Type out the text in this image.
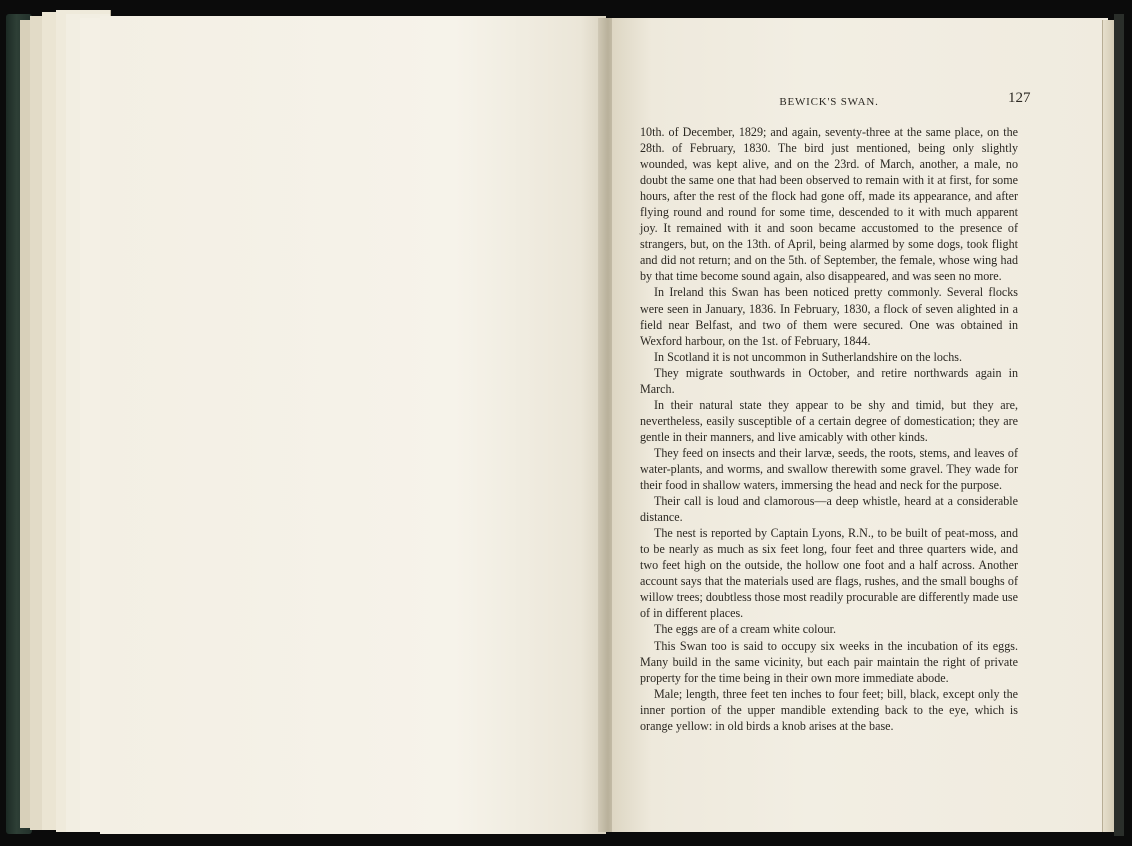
BEWICK'S SWAN.	127

10th. of December, 1829; and again, seventy-three at the same place, on the 28th. of February, 1830. The bird just mentioned, being only slightly wounded, was kept alive, and on the 23rd. of March, another, a male, no doubt the same one that had been observed to remain with it at first, for some hours, after the rest of the flock had gone off, made its appearance, and after flying round and round for some time, descended to it with much apparent joy. It remained with it and soon became accustomed to the presence of strangers, but, on the 13th. of April, being alarmed by some dogs, took flight and did not return; and on the 5th. of September, the female, whose wing had by that time become sound again, also disappeared, and was seen no more.

In Ireland this Swan has been noticed pretty commonly. Several flocks were seen in January, 1836. In February, 1830, a flock of seven alighted in a field near Belfast, and two of them were secured. One was obtained in Wexford harbour, on the 1st. of February, 1844.

In Scotland it is not uncommon in Sutherlandshire on the lochs.

They migrate southwards in October, and retire northwards again in March.

In their natural state they appear to be shy and timid, but they are, nevertheless, easily susceptible of a certain degree of domestication; they are gentle in their manners, and live amicably with other kinds.

They feed on insects and their larvæ, seeds, the roots, stems, and leaves of water-plants, and worms, and swallow therewith some gravel. They wade for their food in shallow waters, immersing the head and neck for the purpose.

Their call is loud and clamorous—a deep whistle, heard at a considerable distance.

The nest is reported by Captain Lyons, R.N., to be built of peat-moss, and to be nearly as much as six feet long, four feet and three quarters wide, and two feet high on the outside, the hollow one foot and a half across. Another account says that the materials used are flags, rushes, and the small boughs of willow trees; doubtless those most readily procurable are differently made use of in different places.

The eggs are of a cream white colour.

This Swan too is said to occupy six weeks in the incubation of its eggs. Many build in the same vicinity, but each pair maintain the right of private property for the time being in their own more immediate abode.

Male; length, three feet ten inches to four feet; bill, black, except only the inner portion of the upper mandible extending back to the eye, which is orange yellow: in old birds a knob arises at the base.
